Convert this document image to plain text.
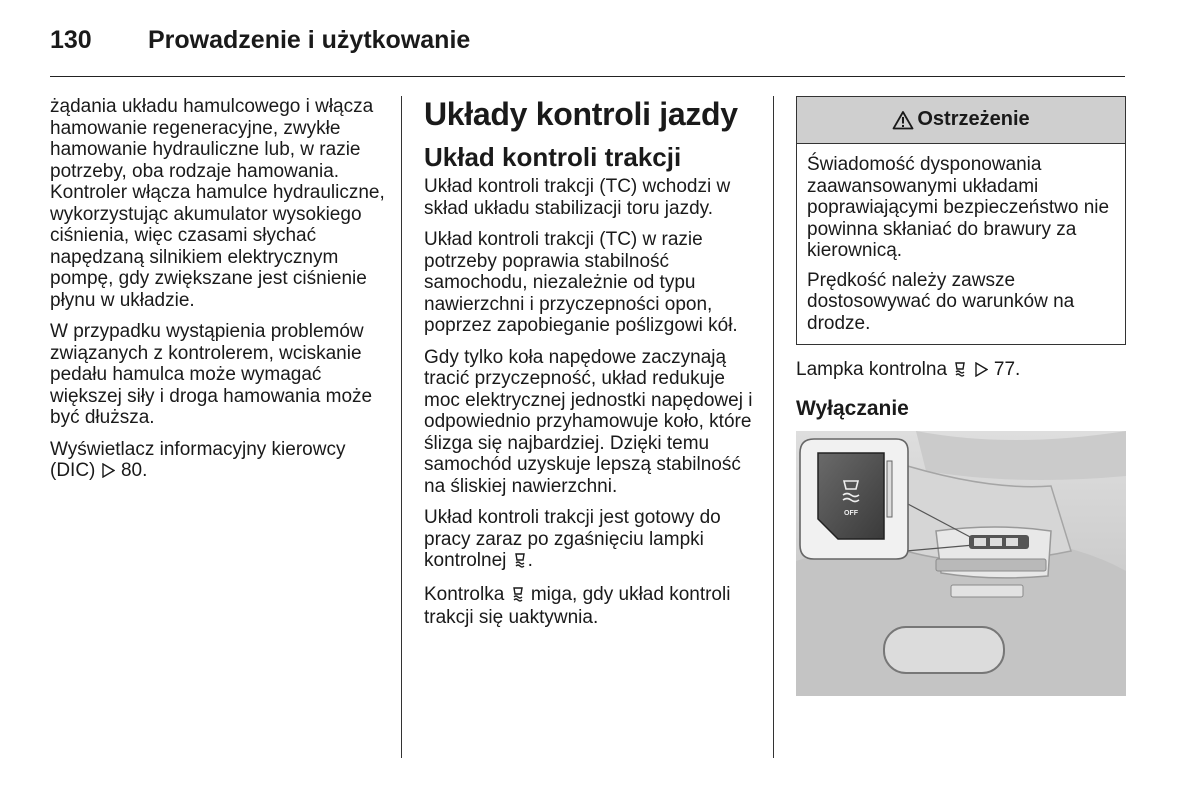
130	Prowadzenie i użytkowanie

żądania układu hamulcowego i włącza hamowanie regeneracyjne, zwykłe hamowanie hydrauliczne lub, w razie potrzeby, oba rodzaje hamowania. Kontroler włącza hamulce hydrauliczne, wykorzystując akumulator wysokiego ciśnienia, więc czasami słychać napędzaną silnikiem elektrycznym pompę, gdy zwiększane jest ciśnienie płynu w układzie.

W przypadku wystąpienia problemów związanych z kontrolerem, wciskanie pedału hamulca może wymagać większej siły i droga hamowania może być dłuższa.

Wyświetlacz informacyjny kierowcy (DIC) 80.

Układy kontroli jazdy
Układ kontroli trakcji

Układ kontroli trakcji (TC) wchodzi w skład układu stabilizacji toru jazdy.

Układ kontroli trakcji (TC) w razie potrzeby poprawia stabilność samochodu, niezależnie od typu nawierzchni i przyczepności opon, poprzez zapobieganie poślizgowi kół.

Gdy tylko koła napędowe zaczynają tracić przyczepność, układ redukuje moc elektrycznej jednostki napędowej i odpowiednio przyhamowuje koło, które ślizga się najbardziej. Dzięki temu samochód uzyskuje lepszą stabilność na śliskiej nawierzchni.

Układ kontroli trakcji jest gotowy do pracy zaraz po zgaśnięciu lampki kontrolnej .

Kontrolka miga, gdy układ kontroli trakcji się uaktywnia.

Ostrzeżenie

Świadomość dysponowania zaawansowanymi układami poprawiającymi bezpieczeństwo nie powinna skłaniać do brawury za kierownicą.

Prędkość należy zawsze dostosowywać do warunków na drodze.

Lampka kontrolna 77.

Wyłączanie
OFF
